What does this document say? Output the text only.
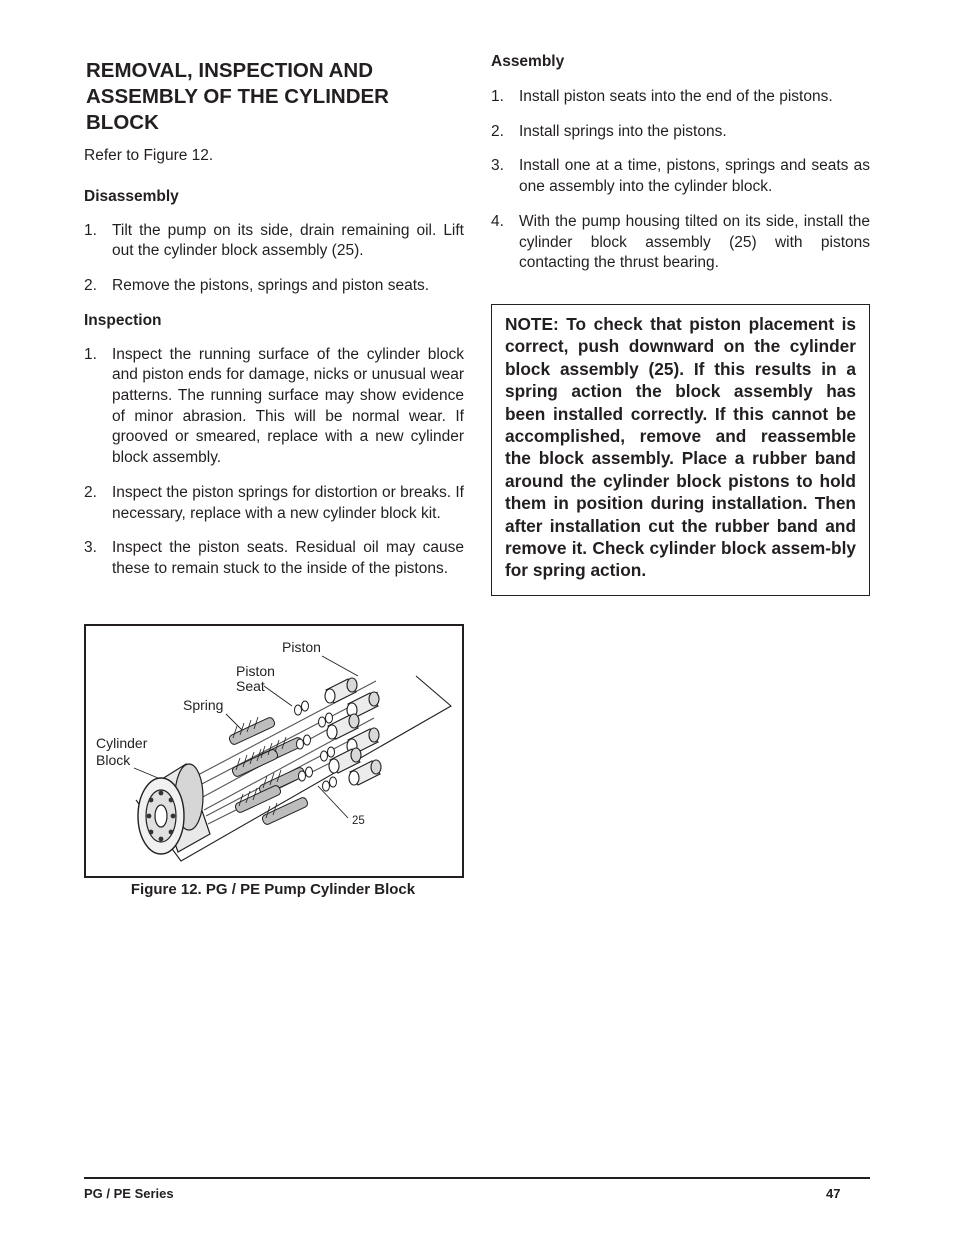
REMOVAL, INSPECTION AND ASSEMBLY OF THE CYLINDER BLOCK

Refer to Figure 12.

Disassembly
1. Tilt the pump on its side, drain remaining oil. Lift out the cylinder block assembly (25).
2. Remove the pistons, springs and piston seats.
Inspection
1. Inspect the running surface of the cylinder block and piston ends for damage, nicks or unusual wear patterns. The running surface may show evidence of minor abrasion. This will be normal wear. If grooved or smeared, replace with a new cylinder block assembly.
2. Inspect the piston springs for distortion or breaks. If necessary, replace with a new cylinder block kit.
3. Inspect the piston seats. Residual oil may cause these to remain stuck to the inside of the pistons.
Piston
Piston
Seat
Spring
Cylinder
Block
25
Figure 12. PG / PE Pump Cylinder Block
Assembly
1. Install piston seats into the end of the pistons.
2. Install springs into the pistons.
3. Install one at a time, pistons, springs and seats as one assembly into the cylinder block.
4. With the pump housing tilted on its side, install the cylinder block assembly (25) with pistons contacting the thrust bearing.
NOTE: To check that piston placement is correct, push downward on the cylinder block assembly (25). If this results in a spring action the block assembly has been installed correctly. If this cannot be accomplished, remove and reassemble the block assembly. Place a rubber band around the cylinder block pistons to hold them in position during installation. Then after installation cut the rubber band and remove it. Check cylinder block assem-bly for spring action.
PG / PE Series	47
